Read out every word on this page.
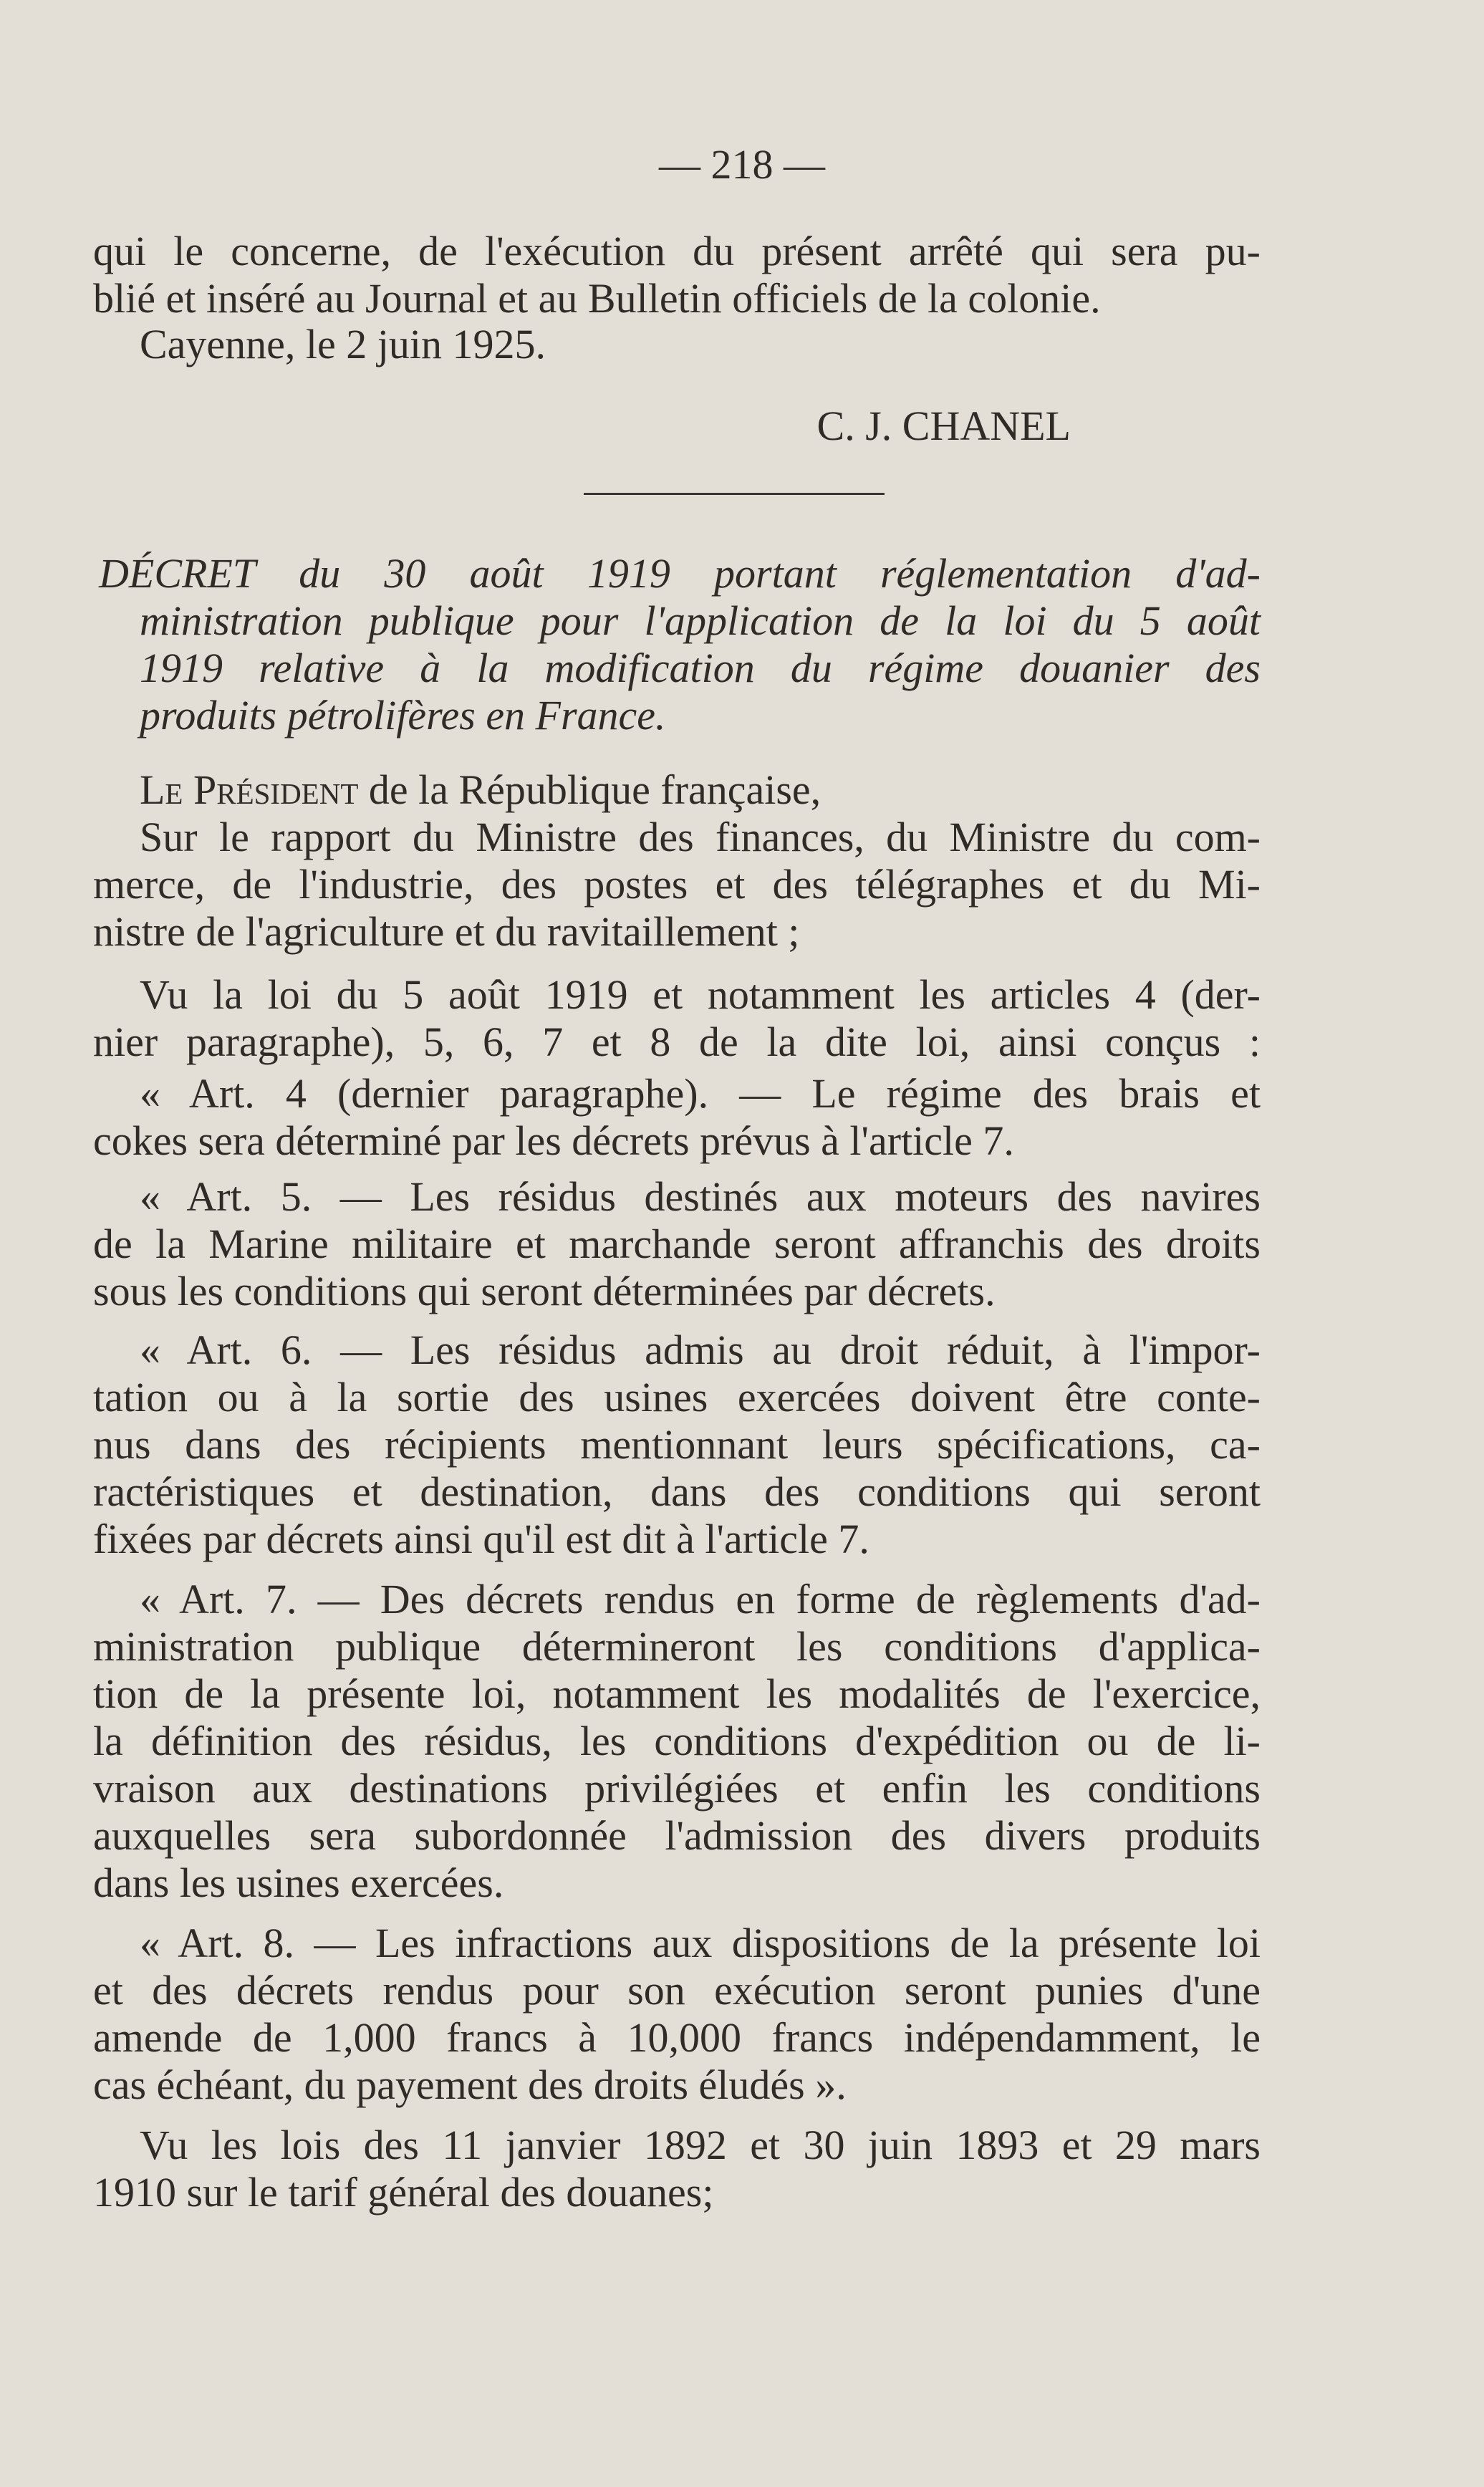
— 218 —
qui le concerne, de l'exécution du présent arrêté qui sera pu-
blié et inséré au Journal et au Bulletin officiels de la colonie.
Cayenne, le 2 juin 1925.
C. J. CHANEL
DÉCRET du 30 août 1919 portant réglementation d'ad-
ministration publique pour l'application de la loi du 5 août
1919 relative à la modification du régime douanier des
produits pétrolifères en France.
Le Président de la République française,
Sur le rapport du Ministre des finances, du Ministre du com-
merce, de l'industrie, des postes et des télégraphes et du Mi-
nistre de l'agriculture et du ravitaillement ;
Vu la loi du 5 août 1919 et notamment les articles 4 (der-
nier paragraphe), 5, 6, 7 et 8 de la dite loi, ainsi conçus :
« Art. 4 (dernier paragraphe). — Le régime des brais et
cokes sera déterminé par les décrets prévus à l'article 7.
« Art. 5. — Les résidus destinés aux moteurs des navires
de la Marine militaire et marchande seront affranchis des droits
sous les conditions qui seront déterminées par décrets.
« Art. 6. — Les résidus admis au droit réduit, à l'impor-
tation ou à la sortie des usines exercées doivent être conte-
nus dans des récipients mentionnant leurs spécifications, ca-
ractéristiques et destination, dans des conditions qui seront
fixées par décrets ainsi qu'il est dit à l'article 7.
« Art. 7. — Des décrets rendus en forme de règlements d'ad-
ministration publique détermineront les conditions d'applica-
tion de la présente loi, notamment les modalités de l'exercice,
la définition des résidus, les conditions d'expédition ou de li-
vraison aux destinations privilégiées et enfin les conditions
auxquelles sera subordonnée l'admission des divers produits
dans les usines exercées.
« Art. 8. — Les infractions aux dispositions de la présente loi
et des décrets rendus pour son exécution seront punies d'une
amende de 1,000 francs à 10,000 francs indépendamment, le
cas échéant, du payement des droits éludés ».
Vu les lois des 11 janvier 1892 et 30 juin 1893 et 29 mars
1910 sur le tarif général des douanes;
